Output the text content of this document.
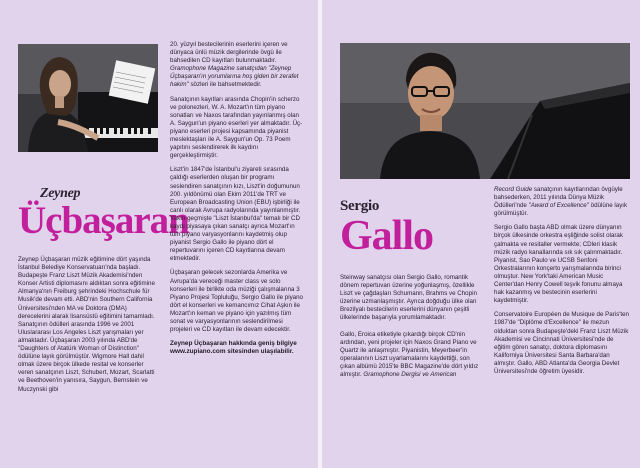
Zeynep
Üçbaşaran

Zeynep Üçbaşaran müzik eğitimine dört yaşında İstanbul Belediye Konservatuarı'nda başladı. Budapeşte Franz Liszt Müzik Akademisi'nden Konser Artisti diplomasını aldıktan sonra eğitimine Almanya'nın Freiburg şehrindeki Hochschule für Musik'de devam etti. ABD'nin Southern California Üniversitesi'nden MA ve Doktora (DMA) derecelerini alarak lisansüstü eğitimini tamamladı. Sanatçının ödülleri arasında 1996 ve 2001 Uluslararası Los Angeles Liszt yarışmaları yer almaktadır. Üçbaşaran 2003 yılında ABD'de "Daughters of Atatürk Woman of Distinction" ödülüne layık görülmüştür. Wigmore Hall dahil olmak üzere birçok ülkede resital ve konserler veren sanatçının Liszt, Schubert, Mozart, Scarlatti ve Beethoven'in yanısıra, Saygun, Bernstein ve Muczynski gibi

20. yüzyıl bestecilerinin eserlerini içeren ve dünyaca ünlü müzik dergilerinde övgü ile bahsedilen CD kayıtları bulunmaktadır. Gramophone Magazine sanatçıdan "Zeynep Üçbaşaran'ın yorumlarına hoş giden bir zerafet hakim" sözleri ile bahsetmektedir.

Sanatçının kayıtları arasında Chopin'in scherzo ve polonezleri, W. A. Mozart'ın tüm piyano sonatları ve Naxos tarafından yayınlanmış olan A. Saygun'un piyano eserleri yer almaktadır. Üç-piyano eserleri projesi kapsamında piyanist meslektaşları ile A. Saygun'un Op. 73 Poem yapıtını seslendirerek ilk kaydını gerçekleştirmiştir.

Liszt'in 1847'de İstanbul'u ziyareti sırasında çaldığı eserlerden oluşan bir programı seslendiren sanatçının kızı, Liszt'in doğumunun 200. yıldönümü olan Ekim 2011'de TRT ve European Broadcasting Union (EBU) işbirliği ile canlı olarak Avrupa radyolarında yayınlanmıştır. Yakın geçmişte "Liszt İstanbul'da" temalı bir CD kaydı piyasaya çıkan sanatçı ayrıca Mozart'ın tüm piyano varyasyonlarını kaydetmiş olup piyanist Sergio Gallo ile piyano dört el repertuvarını içeren CD kayıtlarına devam etmektedir.

Üçbaşaran gelecek sezonlarda Amerika ve Avrupa'da vereceği master class ve solo konserleri ile birlikte oda müziği çalışmalarına 3 Piyano Projesi Topluluğu, Sergio Gallo ile piyano dört el konserleri ve kemancımız Cihat Aşkın ile Mozart'ın keman ve piyano için yazılmış tüm sonat ve varyasyonlarının seslendirilmesi projeleri ve CD kayıtları ile devam edecektir.

Zeynep Üçbaşaran hakkında geniş bilgiye www.zupiano.com sitesinden ulaşılabilir.

Sergio
Gallo

Steinway sanatçısı olan Sergio Gallo, romantik dönem repertuvarı üzerine yoğunlaşmış, özellikle Liszt ve çağdaşları Schumann, Brahms ve Chopin üzerine uzmanlaşmıştır. Ayrıca doğduğu ülke olan Brezilyalı bestecilerin eserlerini dünyanın çeşitli ülkelerinde başarıyla yorumlamaktadır.

Gallo, Eroica etiketiyle çıkardığı birçok CD'nin ardından, yeni projeler için Naxos Grand Piano ve Quartz ile anlaşmıştır. Piyanistin, Meyerbeer'in operalarının Liszt uyarlamalarını kaydettiği, son çıkan albümü 2015'te BBC Magazine'de dört yıldız almıştır. Gramophone Dergisi ve American

Record Guide sanatçının kayıtlarından övgüyle bahsederken, 2011 yılında Dünya Müzik Ödülleri'nde "Award of Excellence" ödülüne layık görülmüştür.

Sergio Gallo başta ABD olmak üzere dünyanın birçok ülkesinde orkestra eşliğinde solist olarak çalmakta ve resitaller vermekte; CDleri klasik müzik radyo kanallarında sık sık çalınmaktadır. Piyanist, Sao Paulo ve UCSB Senfoni Orkestralarının konçerto yarışmalarında birinci olmuştur. New York'taki American Music Center'dan Henry Cowell teşvik fonunu almaya hak kazanmış ve bestecinin eserlerini kaydetmiştir.

Conservatoire Européen de Musique de Paris'ten 1987'de "Diplôme d'Excellence" ile mezun olduktan sonra Budapeşte'deki Franz Liszt Müzik Akademisi ve Cincinnati Üniversitesi'nde de eğitim gören sanatçı, doktora diplomasını Kaliforniya Üniversitesi Santa Barbara'dan almıştır. Gallo, ABD Atlanta'da Georgia Devlet Üniversitesi'nde öğretim üyesidir.
